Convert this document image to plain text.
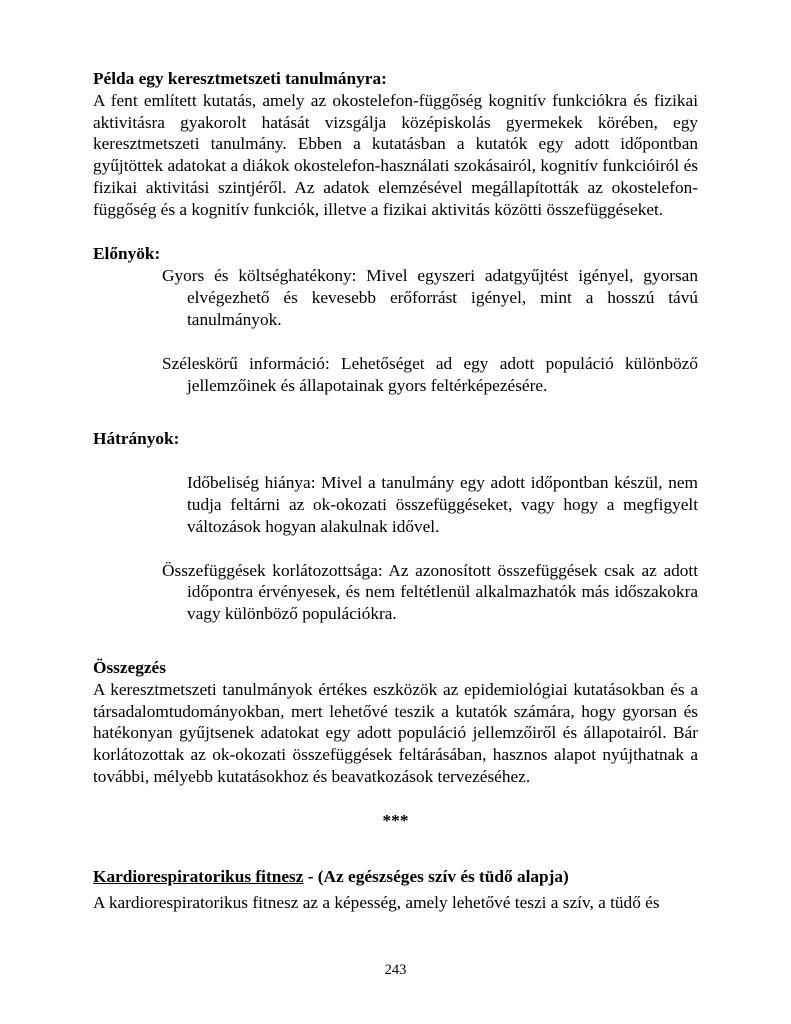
Példa egy keresztmetszeti tanulmányra:

A fent említett kutatás, amely az okostelefon-függőség kognitív funkciókra és fizikai aktivitásra gyakorolt hatását vizsgálja középiskolás gyermekek körében, egy keresztmetszeti tanulmány. Ebben a kutatásban a kutatók egy adott időpontban gyűjtöttek adatokat a diákok okostelefon-használati szokásairól, kognitív funkcióiról és fizikai aktivitási szintjéről. Az adatok elemzésével megállapították az okostelefon-függőség és a kognitív funkciók, illetve a fizikai aktivitás közötti összefüggéseket.

Előnyök:

Gyors és költséghatékony: Mivel egyszeri adatgyűjtést igényel, gyorsan elvégezhető és kevesebb erőforrást igényel, mint a hosszú távú tanulmányok.

Széleskörű információ: Lehetőséget ad egy adott populáció különböző jellemzőinek és állapotainak gyors feltérképezésére.

Hátrányok:

Időbeliség hiánya: Mivel a tanulmány egy adott időpontban készül, nem tudja feltárni az ok-okozati összefüggéseket, vagy hogy a megfigyelt változások hogyan alakulnak idővel.

Összefüggések korlátozottsága: Az azonosított összefüggések csak az adott időpontra érvényesek, és nem feltétlenül alkalmazhatók más időszakokra vagy különböző populációkra.

Összegzés

A keresztmetszeti tanulmányok értékes eszközök az epidemiológiai kutatásokban és a társadalomtudományokban, mert lehetővé teszik a kutatók számára, hogy gyorsan és hatékonyan gyűjtsenek adatokat egy adott populáció jellemzőiről és állapotairól. Bár korlátozottak az ok-okozati összefüggések feltárásában, hasznos alapot nyújthatnak a további, mélyebb kutatásokhoz és beavatkozások tervezéséhez.

***

Kardiorespiratorikus fitnesz - (Az egészséges szív és tüdő alapja)

A kardiorespiratorikus fitnesz az a képesség, amely lehetővé teszi a szív, a tüdő és

243
